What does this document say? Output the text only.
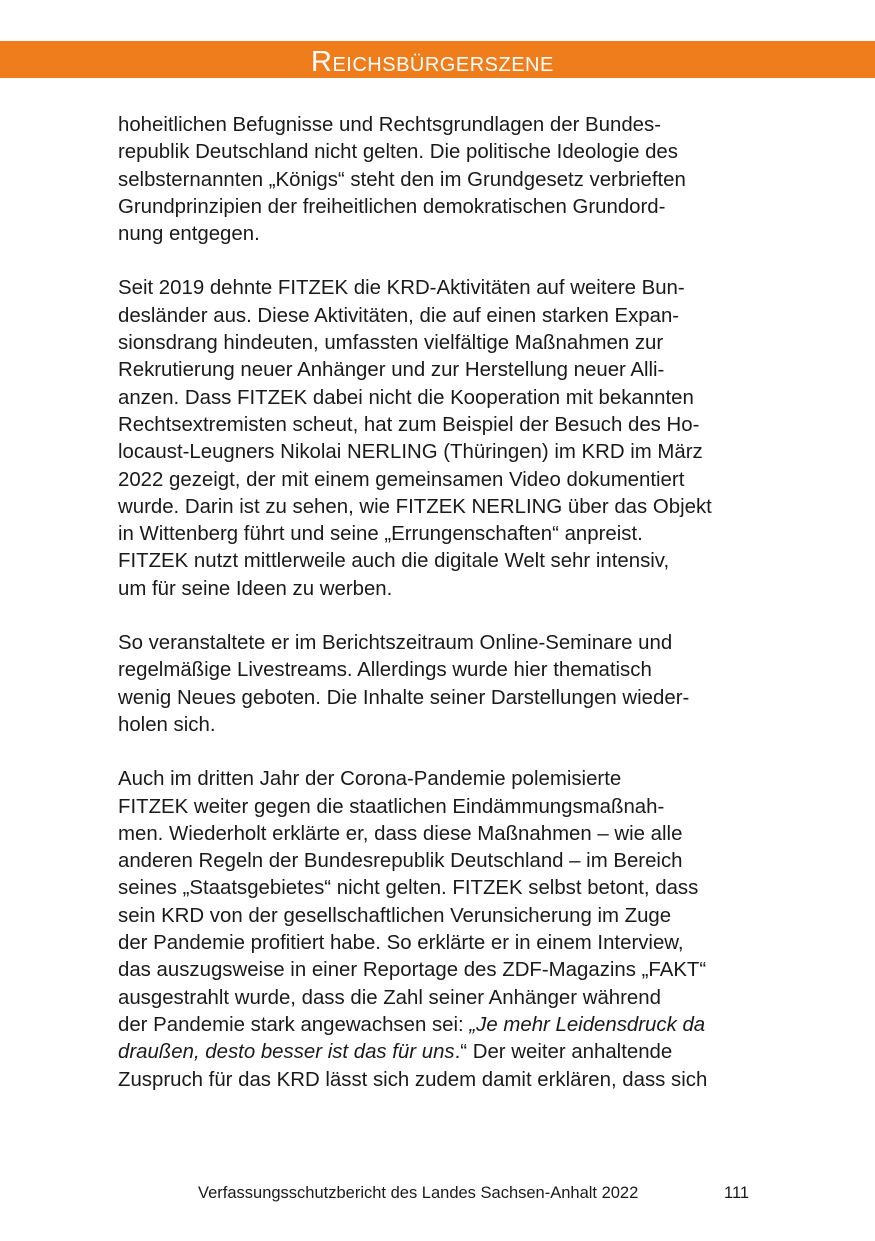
Reichsbürgerszene

hoheitlichen Befugnisse und Rechtsgrundlagen der Bundes-
republik Deutschland nicht gelten. Die politische Ideologie des
selbsternannten „Königs“ steht den im Grundgesetz verbrieften
Grundprinzipien der freiheitlichen demokratischen Grundord-
nung entgegen.

Seit 2019 dehnte FITZEK die KRD-Aktivitäten auf weitere Bun-
desländer aus. Diese Aktivitäten, die auf einen starken Expan-
sionsdrang hindeuten, umfassten vielfältige Maßnahmen zur
Rekrutierung neuer Anhänger und zur Herstellung neuer Alli-
anzen. Dass FITZEK dabei nicht die Kooperation mit bekannten
Rechtsextremisten scheut, hat zum Beispiel der Besuch des Ho-
locaust-Leugners Nikolai NERLING (Thüringen) im KRD im März
2022 gezeigt, der mit einem gemeinsamen Video dokumentiert
wurde. Darin ist zu sehen, wie FITZEK NERLING über das Objekt
in Wittenberg führt und seine „Errungenschaften“ anpreist.
FITZEK nutzt mittlerweile auch die digitale Welt sehr intensiv,
um für seine Ideen zu werben.

So veranstaltete er im Berichtszeitraum Online-Seminare und
regelmäßige Livestreams. Allerdings wurde hier thematisch
wenig Neues geboten. Die Inhalte seiner Darstellungen wieder-
holen sich.

Auch im dritten Jahr der Corona-Pandemie polemisierte
FITZEK weiter gegen die staatlichen Eindämmungsmaßnah-
men. Wiederholt erklärte er, dass diese Maßnahmen – wie alle
anderen Regeln der Bundesrepublik Deutschland – im Bereich
seines „Staatsgebietes“ nicht gelten. FITZEK selbst betont, dass
sein KRD von der gesellschaftlichen Verunsicherung im Zuge
der Pandemie profitiert habe. So erklärte er in einem Interview,
das auszugsweise in einer Reportage des ZDF-Magazins „FAKT“
ausgestrahlt wurde, dass die Zahl seiner Anhänger während
der Pandemie stark angewachsen sei: „Je mehr Leidensdruck da
draußen, desto besser ist das für uns.“ Der weiter anhaltende
Zuspruch für das KRD lässt sich zudem damit erklären, dass sich

Verfassungsschutzbericht des Landes Sachsen-Anhalt 2022	111
